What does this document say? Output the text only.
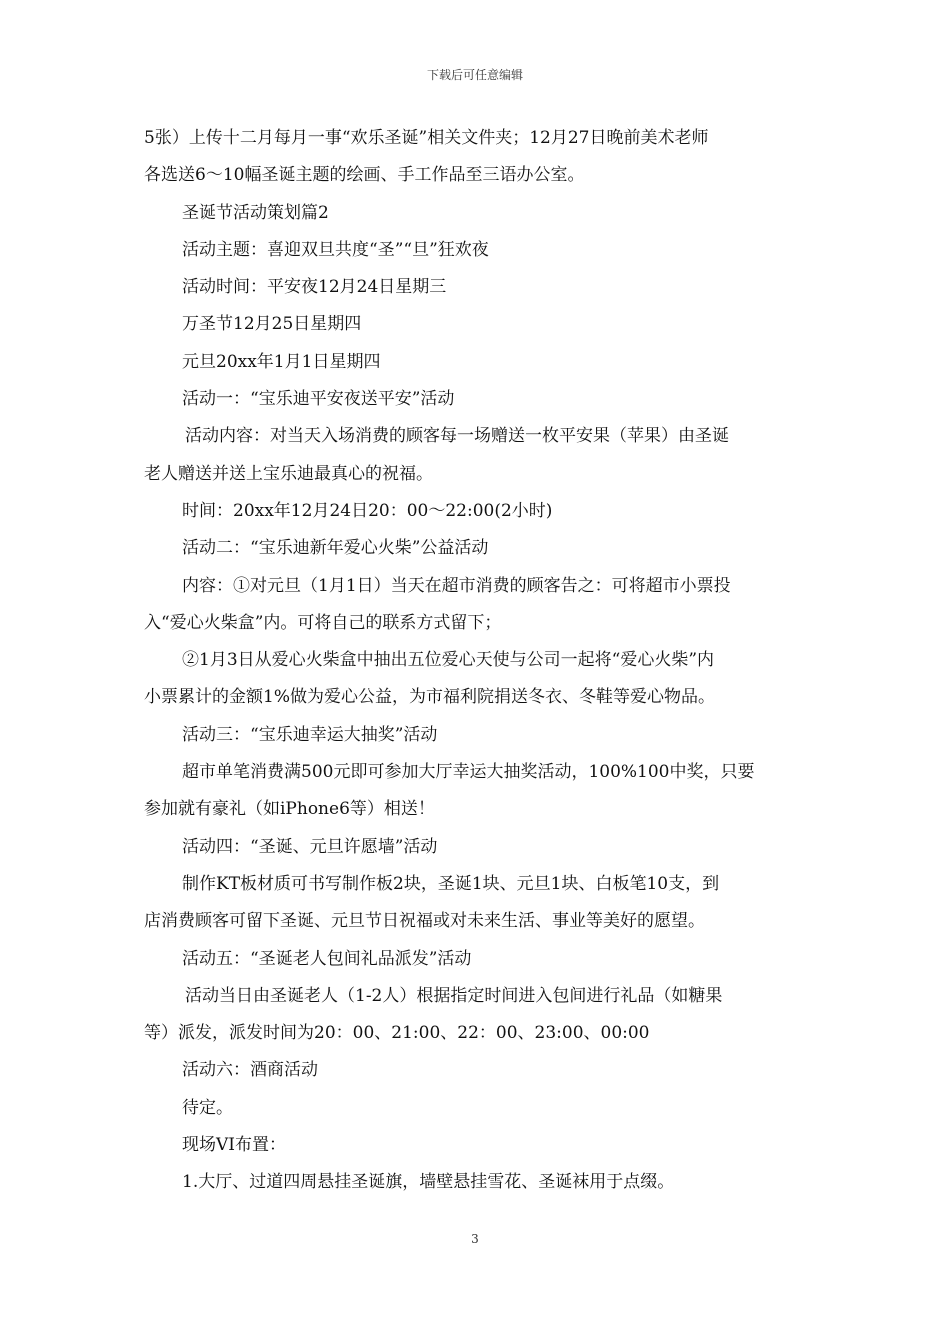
下载后可任意编辑
5张）上传十二月每月一事“欢乐圣诞”相关文件夹；12月27日晚前美术老师
各选送6～10幅圣诞主题的绘画、手工作品至三语办公室。
圣诞节活动策划篇2
活动主题：喜迎双旦共度“圣”“旦”狂欢夜
活动时间：平安夜12月24日星期三
万圣节12月25日星期四
元旦20xx年1月1日星期四
活动一：“宝乐迪平安夜送平安”活动
活动内容：对当天入场消费的顾客每一场赠送一枚平安果（苹果）由圣诞
老人赠送并送上宝乐迪最真心的祝福。
时间：20xx年12月24日20：00～22:00(2小时)
活动二：“宝乐迪新年爱心火柴”公益活动
内容：①对元旦（1月1日）当天在超市消费的顾客告之：可将超市小票投
入“爱心火柴盒”内。可将自己的联系方式留下；
②1月3日从爱心火柴盒中抽出五位爱心天使与公司一起将“爱心火柴”内
小票累计的金额1%做为爱心公益，为市福利院捐送冬衣、冬鞋等爱心物品。
活动三：“宝乐迪幸运大抽奖”活动
超市单笔消费满500元即可参加大厅幸运大抽奖活动，100%100中奖，只要
参加就有豪礼（如iPhone6等）相送！
活动四：“圣诞、元旦许愿墙”活动
制作KT板材质可书写制作板2块，圣诞1块、元旦1块、白板笔10支，到
店消费顾客可留下圣诞、元旦节日祝福或对未来生活、事业等美好的愿望。
活动五：“圣诞老人包间礼品派发”活动
活动当日由圣诞老人（1-2人）根据指定时间进入包间进行礼品（如糖果
等）派发，派发时间为20：00、21:00、22：00、23:00、00:00
活动六：酒商活动
待定。
现场VI布置：
1.大厅、过道四周悬挂圣诞旗，墙壁悬挂雪花、圣诞袜用于点缀。
3
